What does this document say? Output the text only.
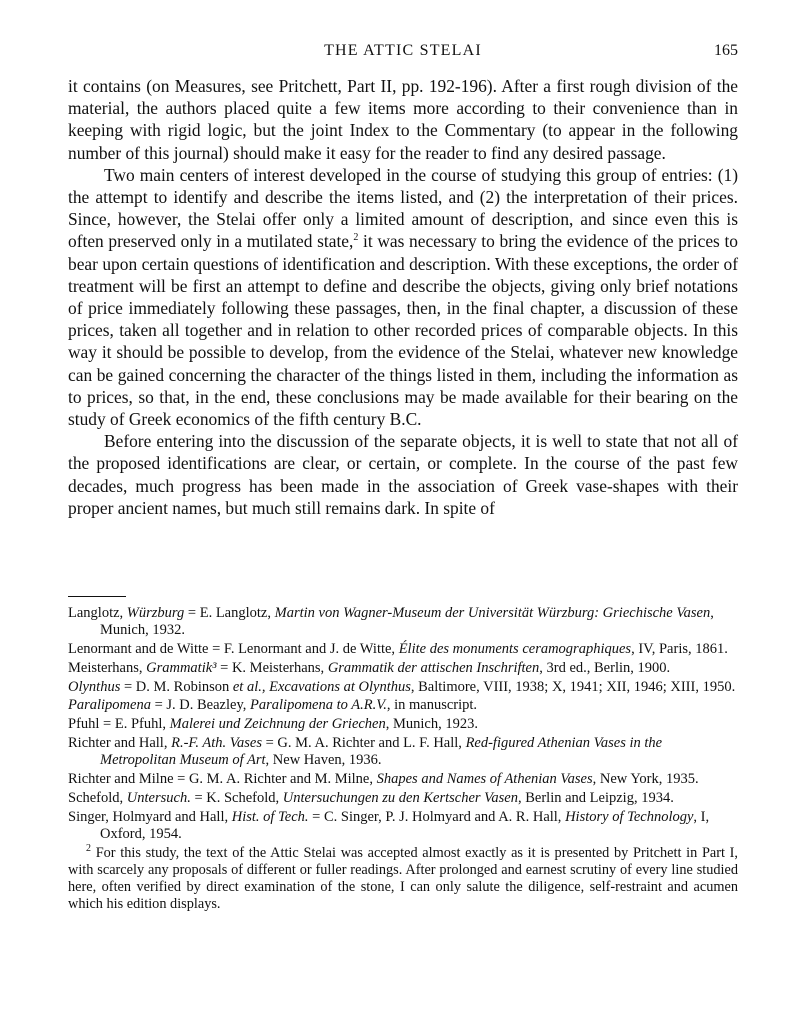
THE ATTIC STELAI	165

it contains (on Measures, see Pritchett, Part II, pp. 192-196). After a first rough division of the material, the authors placed quite a few items more according to their convenience than in keeping with rigid logic, but the joint Index to the Commentary (to appear in the following number of this journal) should make it easy for the reader to find any desired passage.

Two main centers of interest developed in the course of studying this group of entries: (1) the attempt to identify and describe the items listed, and (2) the interpretation of their prices. Since, however, the Stelai offer only a limited amount of description, and since even this is often preserved only in a mutilated state,$^2$ it was necessary to bring the evidence of the prices to bear upon certain questions of identification and description. With these exceptions, the order of treatment will be first an attempt to define and describe the objects, giving only brief notations of price immediately following these passages, then, in the final chapter, a discussion of these prices, taken all together and in relation to other recorded prices of comparable objects. In this way it should be possible to develop, from the evidence of the Stelai, whatever new knowledge can be gained concerning the character of the things listed in them, including the information as to prices, so that, in the end, these conclusions may be made available for their bearing on the study of Greek economics of the fifth century B.C.

Before entering into the discussion of the separate objects, it is well to state that not all of the proposed identifications are clear, or certain, or complete. In the course of the past few decades, much progress has been made in the association of Greek vase-shapes with their proper ancient names, but much still remains dark. In spite of

Langlotz, Würzburg = E. Langlotz, Martin von Wagner-Museum der Universität Würzburg: Griechische Vasen, Munich, 1932.
Lenormant and de Witte = F. Lenormant and J. de Witte, Élite des monuments ceramographiques, IV, Paris, 1861.
Meisterhans, Grammatik³ = K. Meisterhans, Grammatik der attischen Inschriften, 3rd ed., Berlin, 1900.
Olynthus = D. M. Robinson et al., Excavations at Olynthus, Baltimore, VIII, 1938; X, 1941; XII, 1946; XIII, 1950.
Paralipomena = J. D. Beazley, Paralipomena to A.R.V., in manuscript.
Pfuhl = E. Pfuhl, Malerei und Zeichnung der Griechen, Munich, 1923.
Richter and Hall, R.-F. Ath. Vases = G. M. A. Richter and L. F. Hall, Red-figured Athenian Vases in the Metropolitan Museum of Art, New Haven, 1936.
Richter and Milne = G. M. A. Richter and M. Milne, Shapes and Names of Athenian Vases, New York, 1935.
Schefold, Untersuch. = K. Schefold, Untersuchungen zu den Kertscher Vasen, Berlin and Leipzig, 1934.
Singer, Holmyard and Hall, Hist. of Tech. = C. Singer, P. J. Holmyard and A. R. Hall, History of Technology, I, Oxford, 1954.
$^2$ For this study, the text of the Attic Stelai was accepted almost exactly as it is presented by Pritchett in Part I, with scarcely any proposals of different or fuller readings. After prolonged and earnest scrutiny of every line studied here, often verified by direct examination of the stone, I can only salute the diligence, self-restraint and acumen which his edition displays.
